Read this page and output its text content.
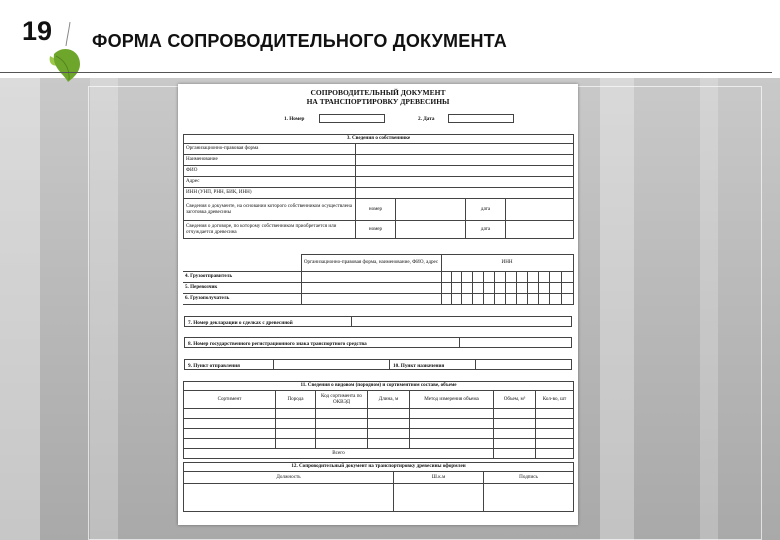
19 ФОРМА СОПРОВОДИТЕЛЬНОГО ДОКУМЕНТА
СОПРОВОДИТЕЛЬНЫЙ ДОКУМЕНТ
НА ТРАНСПОРТИРОВКУ ДРЕВЕСИНЫ
1. Номер	2. Дата
3. Сведения о собственнике				
Организационно-правовая форма				
Наименование				
ФИО				
Адрес				
ИНН (УНП, РНН, БИК, ИНН)				
Сведения о документе, на основании которого собственником осуществлена заготовка древесины	номер		дата	
Сведения о договоре, по которому собственником приобретается или отчуждается древесина	номер		дата	
	Организационно-правовая форма, наименование, ФИО, адрес	ИНН											
4. Грузоотправитель													
5. Перевозчик													
6. Грузополучатель													
7. Номер декларации о сделках с древесиной
8. Номер государственного регистрационного знака транспортного средства
9. Пункт отправления	10. Пункт назначения
11. Сведения о видовом (породном) и сортиментном составе, объеме						
Сортимент	Порода	Код сортимента по ОКВЭД	Длина, м	Метод измерения объема	Объем, м³	Кол-во, шт

Всего						
12. Сопроводительный документ на транспортировку древесины оформлен		
Должность	Ш.к.м	Подпись
